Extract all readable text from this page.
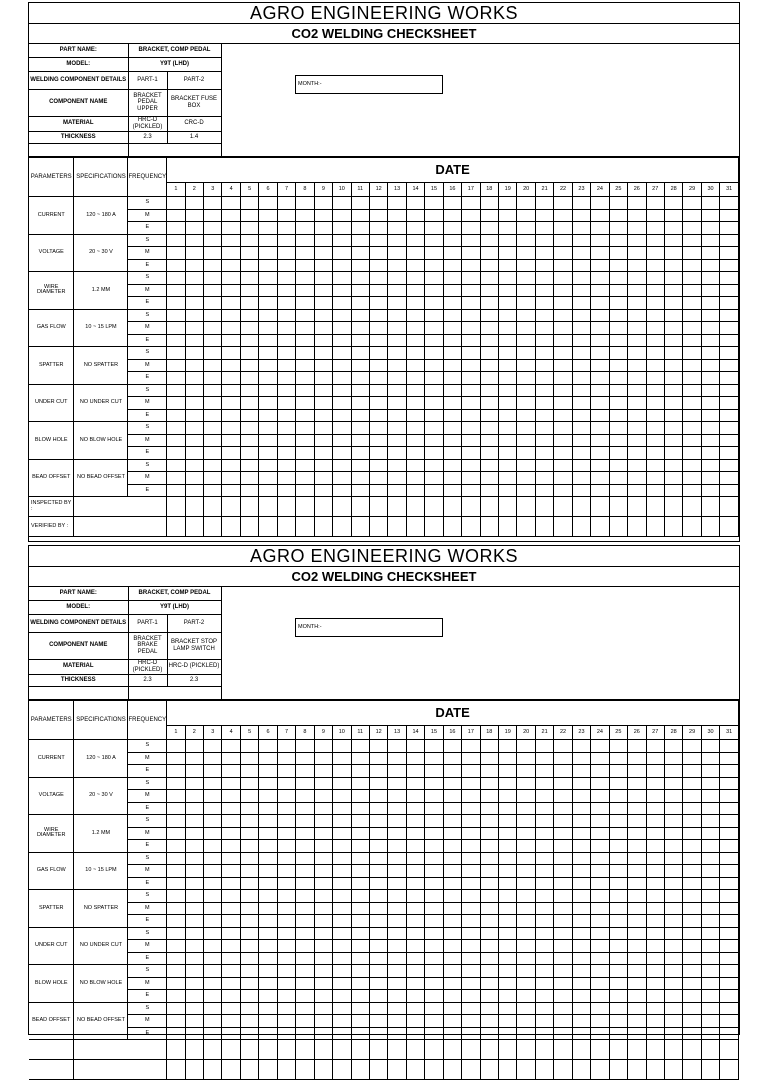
AGRO ENGINEERING WORKS
CO2 WELDING CHECKSHEET
PART NAME:	BRACKET, COMP PEDAL	
MODEL:	Y9T (LHD)	
WELDING COMPONENT DETAILS	PART-1	PART-2
COMPONENT NAME	BRACKET PEDAL UPPER	BRACKET FUSE BOX
MATERIAL	HRC-D (PICKLED)	CRC-D
THICKNESS	2.3	1.4

MONTH:-
PARAMETERS	SPECIFICATIONS	FREQUENCY	DATE																														
			1	2	3	4	5	6	7	8	9	10	11	12	13	14	15	16	17	18	19	20	21	22	23	24	25	26	27	28	29	30	31
CURRENT	120 ~ 180 A	S																															
		M																															
		E																															
VOLTAGE	20 ~ 30 V	S																															
		M																															
		E																															
WIRE DIAMETER	1.2 MM	S																															
		M																															
		E																															
GAS FLOW	10 ~ 15 LPM	S																															
		M																															
		E																															
SPATTER	NO SPATTER	S																															
		M																															
		E																															
UNDER CUT	NO UNDER CUT	S																															
		M																															
		E																															
BLOW HOLE	NO BLOW HOLE	S																															
		M																															
		E																															
BEAD OFFSET	NO BEAD OFFSET	S																															
		M																															
		E																															
INSPECTED BY :																																	
VERIFIED BY :																																	
AGRO ENGINEERING WORKS
CO2 WELDING CHECKSHEET
PART NAME:	BRACKET, COMP PEDAL	
MODEL:	Y9T (LHD)	
WELDING COMPONENT DETAILS	PART-1	PART-2
COMPONENT NAME	BRACKET BRAKE PEDAL	BRACKET STOP LAMP SWITCH
MATERIAL	HRC-D (PICKLED)	HRC-D (PICKLED)
THICKNESS	2.3	2.3

MONTH:-
PARAMETERS	SPECIFICATIONS	FREQUENCY	DATE																														
			1	2	3	4	5	6	7	8	9	10	11	12	13	14	15	16	17	18	19	20	21	22	23	24	25	26	27	28	29	30	31
CURRENT	120 ~ 180 A	S																															
		M																															
		E																															
VOLTAGE	20 ~ 30 V	S																															
		M																															
		E																															
WIRE DIAMETER	1.2 MM	S																															
		M																															
		E																															
GAS FLOW	10 ~ 15 LPM	S																															
		M																															
		E																															
SPATTER	NO SPATTER	S																															
		M																															
		E																															
UNDER CUT	NO UNDER CUT	S																															
		M																															
		E																															
BLOW HOLE	NO BLOW HOLE	S																															
		M																															
		E																															
BEAD OFFSET	NO BEAD OFFSET	S																															
		M																															
		E																															
